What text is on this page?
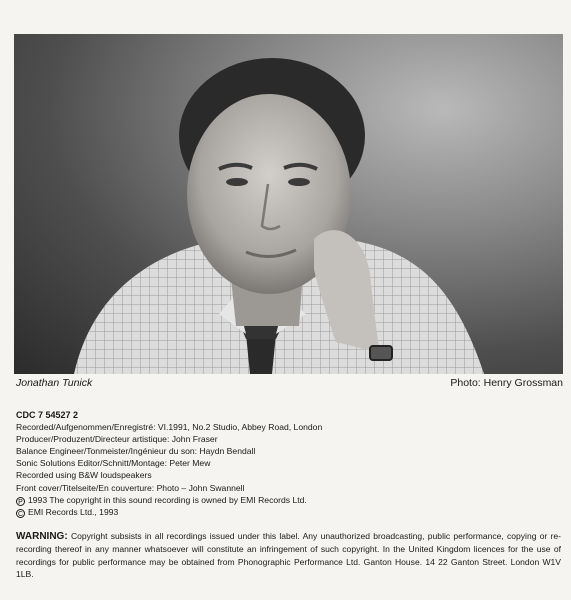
Jonathan Tunick	Photo: Henry Grossman
CDC 7 54527 2
Recorded/Aufgenommen/Enregistré: VI.1991, No.2 Studio, Abbey Road, London
Producer/Produzent/Directeur artistique: John Fraser
Balance Engineer/Tonmeister/Ingénieur du son: Haydn Bendall
Sonic Solutions Editor/Schnitt/Montage: Peter Mew
Recorded using B&W loudspeakers
Front cover/Titelseite/En couverture: Photo – John Swannell
P 1993 The copyright in this sound recording is owned by EMI Records Ltd.
C EMI Records Ltd., 1993
WARNING: Copyright subsists in all recordings issued under this label. Any unauthorized broadcasting, public performance, copying or re-recording thereof in any manner whatsoever will constitute an infringement of such copyright. In the United Kingdom licences for the use of recordings for public performance may be obtained from Phonographic Performance Ltd. Ganton House. 14 22 Ganton Street. London W1V 1LB.
